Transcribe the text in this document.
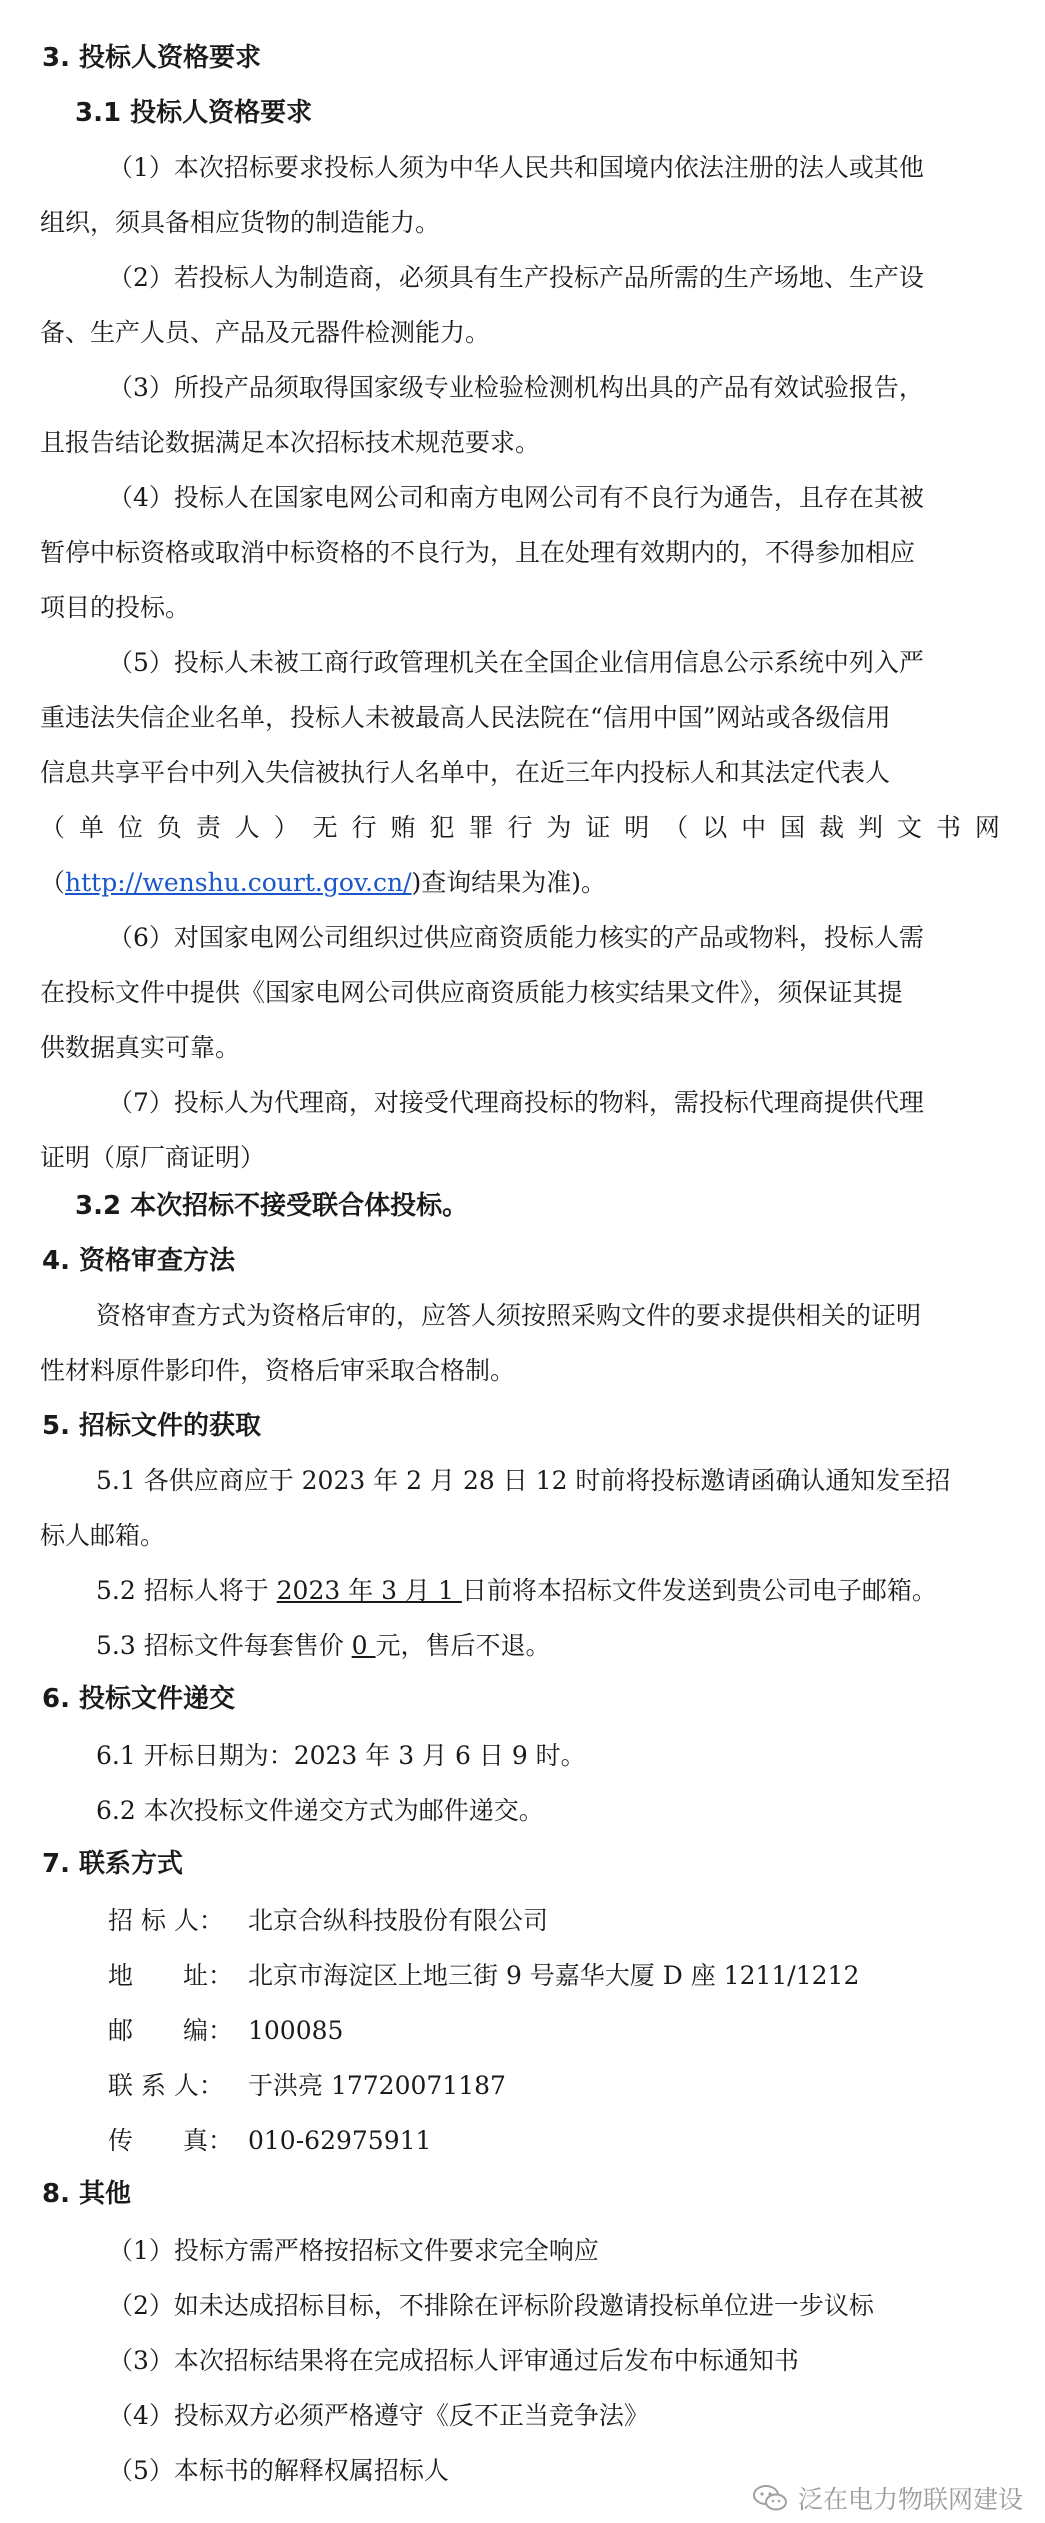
3. 投标人资格要求
3.1 投标人资格要求
（1）本次招标要求投标人须为中华人民共和国境内依法注册的法人或其他
组织，须具备相应货物的制造能力。
（2）若投标人为制造商，必须具有生产投标产品所需的生产场地、生产设
备、生产人员、产品及元器件检测能力。
（3）所投产品须取得国家级专业检验检测机构出具的产品有效试验报告，
且报告结论数据满足本次招标技术规范要求。
（4）投标人在国家电网公司和南方电网公司有不良行为通告，且存在其被
暂停中标资格或取消中标资格的不良行为，且在处理有效期内的，不得参加相应
项目的投标。
（5）投标人未被工商行政管理机关在全国企业信用信息公示系统中列入严
重违法失信企业名单，投标人未被最高人民法院在“信用中国”网站或各级信用
信息共享平台中列入失信被执行人名单中，在近三年内投标人和其法定代表人
（ 单 位 负 责 人 ） 无 行 贿 犯 罪 行 为 证 明 （ 以 中 国 裁 判 文 书 网
（http://wenshu.court.gov.cn/)查询结果为准)。
（6）对国家电网公司组织过供应商资质能力核实的产品或物料，投标人需
在投标文件中提供《国家电网公司供应商资质能力核实结果文件》，须保证其提
供数据真实可靠。
（7）投标人为代理商，对接受代理商投标的物料，需投标代理商提供代理
证明（原厂商证明）
3.2 本次招标不接受联合体投标。
4. 资格审查方法
资格审查方式为资格后审的，应答人须按照采购文件的要求提供相关的证明
性材料原件影印件，资格后审采取合格制。
5. 招标文件的获取
5.1 各供应商应于 2023 年 2 月 28 日 12 时前将投标邀请函确认通知发至招
标人邮箱。
5.2 招标人将于 2023 年 3 月 1 日前将本招标文件发送到贵公司电子邮箱。
5.3 招标文件每套售价 0 元，售后不退。
6. 投标文件递交
6.1 开标日期为：2023 年 3 月 6 日 9 时。
6.2 本次投标文件递交方式为邮件递交。
7. 联系方式
招 标 人： 北京合纵科技股份有限公司
地　　址： 北京市海淀区上地三街 9 号嘉华大厦 D 座 1211/1212
邮　　编： 100085
联 系 人： 于洪亮 17720071187
传　　真： 010-62975911
8. 其他
（1）投标方需严格按招标文件要求完全响应
（2）如未达成招标目标，不排除在评标阶段邀请投标单位进一步议标
（3）本次招标结果将在完成招标人评审通过后发布中标通知书
（4）投标双方必须严格遵守《反不正当竞争法》
（5）本标书的解释权属招标人
泛在电力物联网建设
